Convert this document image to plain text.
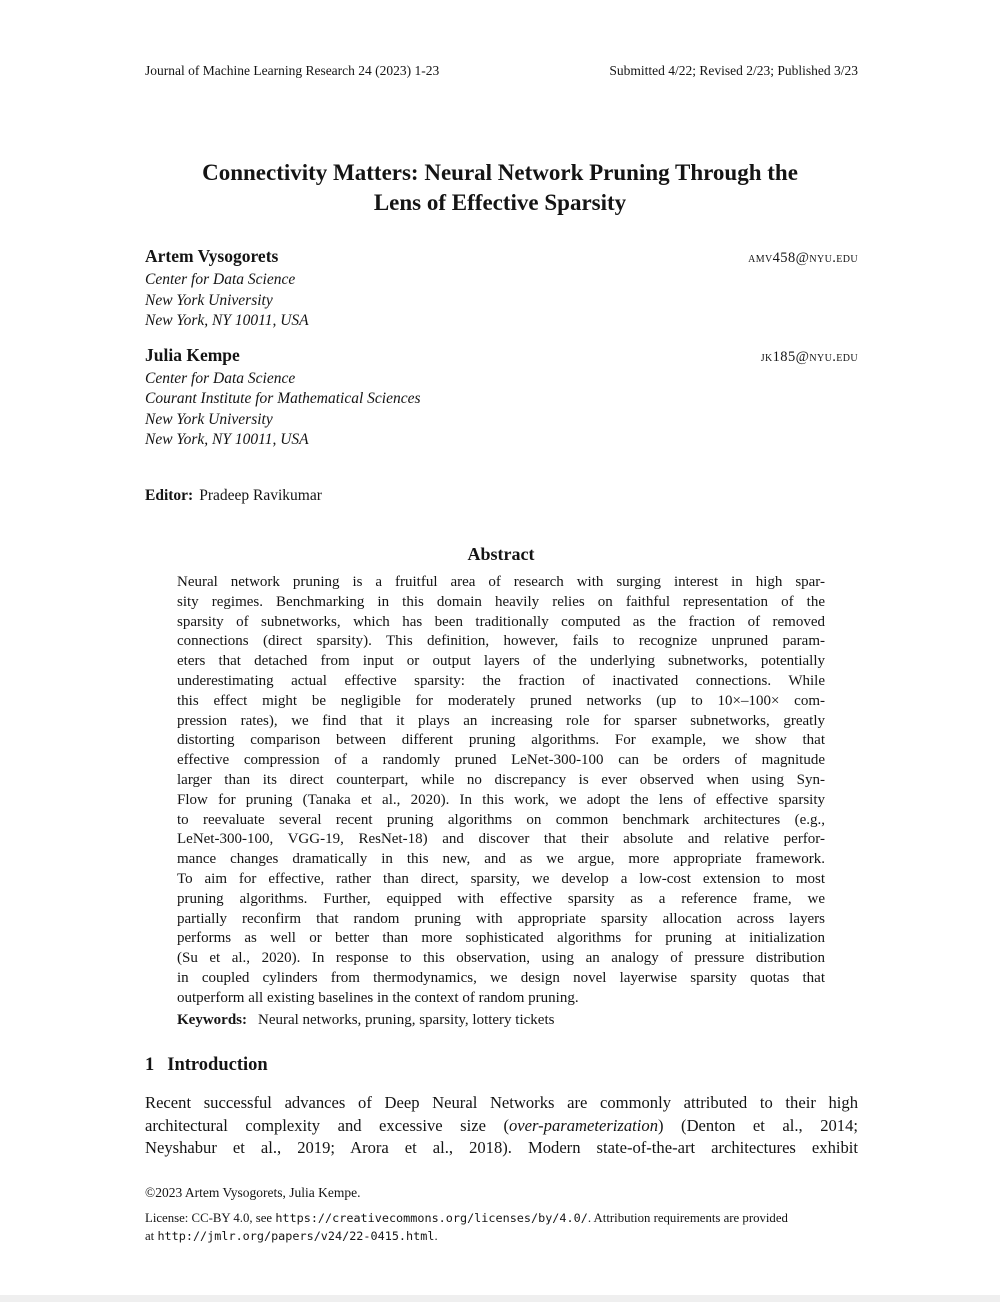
Journal of Machine Learning Research 24 (2023) 1-23	Submitted 4/22; Revised 2/23; Published 3/23
Connectivity Matters: Neural Network Pruning Through the
Lens of Effective Sparsity
Artem Vysogorets	amv458@nyu.edu
Center for Data Science
New York University
New York, NY 10011, USA
Julia Kempe	jk185@nyu.edu
Center for Data Science
Courant Institute for Mathematical Sciences
New York University
New York, NY 10011, USA
Editor: Pradeep Ravikumar
Abstract
Neural network pruning is a fruitful area of research with surging interest in high spar-
sity regimes. Benchmarking in this domain heavily relies on faithful representation of the
sparsity of subnetworks, which has been traditionally computed as the fraction of removed
connections (direct sparsity). This definition, however, fails to recognize unpruned param-
eters that detached from input or output layers of the underlying subnetworks, potentially
underestimating actual effective sparsity: the fraction of inactivated connections. While
this effect might be negligible for moderately pruned networks (up to 10×–100× com-
pression rates), we find that it plays an increasing role for sparser subnetworks, greatly
distorting comparison between different pruning algorithms. For example, we show that
effective compression of a randomly pruned LeNet-300-100 can be orders of magnitude
larger than its direct counterpart, while no discrepancy is ever observed when using Syn-
Flow for pruning (Tanaka et al., 2020). In this work, we adopt the lens of effective sparsity
to reevaluate several recent pruning algorithms on common benchmark architectures (e.g.,
LeNet-300-100, VGG-19, ResNet-18) and discover that their absolute and relative perfor-
mance changes dramatically in this new, and as we argue, more appropriate framework.
To aim for effective, rather than direct, sparsity, we develop a low-cost extension to most
pruning algorithms. Further, equipped with effective sparsity as a reference frame, we
partially reconfirm that random pruning with appropriate sparsity allocation across layers
performs as well or better than more sophisticated algorithms for pruning at initialization
(Su et al., 2020). In response to this observation, using an analogy of pressure distribution
in coupled cylinders from thermodynamics, we design novel layerwise sparsity quotas that
outperform all existing baselines in the context of random pruning.
Keywords: Neural networks, pruning, sparsity, lottery tickets
1 Introduction
Recent successful advances of Deep Neural Networks are commonly attributed to their high
architectural complexity and excessive size (over-parameterization) (Denton et al., 2014;
Neyshabur et al., 2019; Arora et al., 2018). Modern state-of-the-art architectures exhibit
©2023 Artem Vysogorets, Julia Kempe.
License: CC-BY 4.0, see https://creativecommons.org/licenses/by/4.0/. Attribution requirements are provided
at http://jmlr.org/papers/v24/22-0415.html.
